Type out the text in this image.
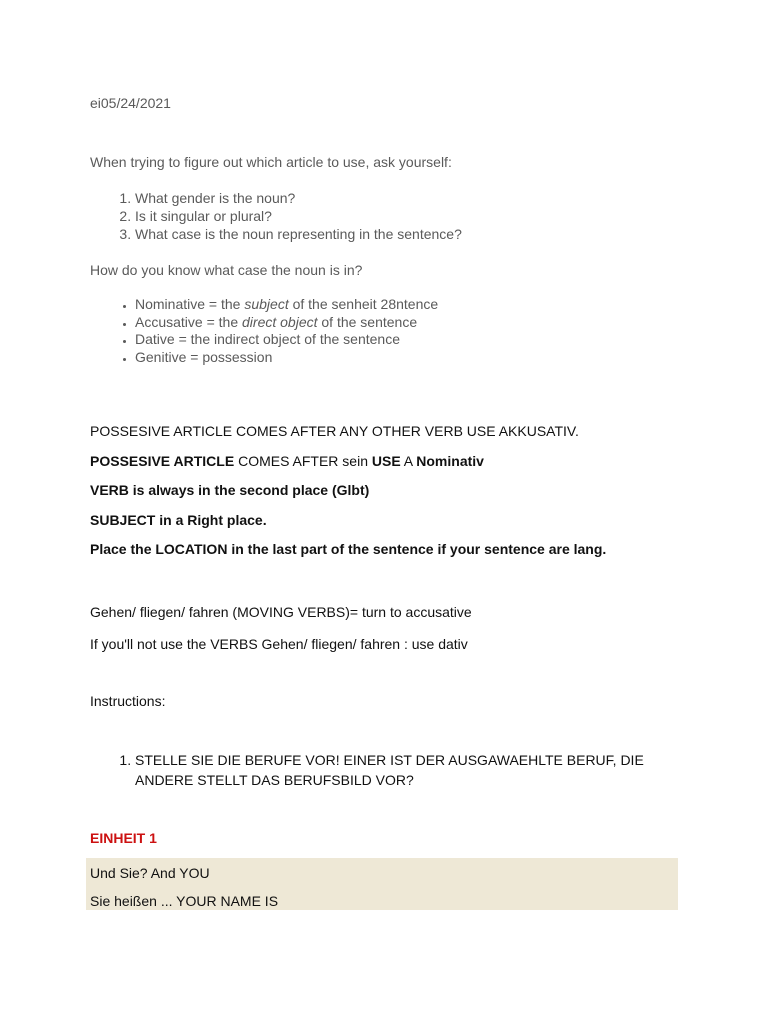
ei05/24/2021
When trying to figure out which article to use, ask yourself:
1. What gender is the noun?
2. Is it singular or plural?
3. What case is the noun representing in the sentence?
How do you know what case the noun is in?
• Nominative = the subject of the senheit 28ntence
• Accusative = the direct object of the sentence
• Dative = the indirect object of the sentence
• Genitive = possession
POSSESIVE ARTICLE COMES AFTER ANY OTHER VERB USE AKKUSATIV.
POSSESIVE ARTICLE COMES AFTER sein USE A Nominativ
VERB is always in the second place (Glbt)
SUBJECT in a Right place.
Place the LOCATION in the last part of the sentence if your sentence are lang.
Gehen/ fliegen/ fahren (MOVING VERBS)= turn to accusative
If you'll not use the VERBS Gehen/ fliegen/ fahren : use dativ
Instructions:
1. STELLE SIE DIE BERUFE VOR! EINER IST DER AUSGAWAEHLTE BERUF, DIE ANDERE STELLT DAS BERUFSBILD VOR?
EINHEIT 1
Und Sie? And YOU
Sie heißen ... YOUR NAME IS
